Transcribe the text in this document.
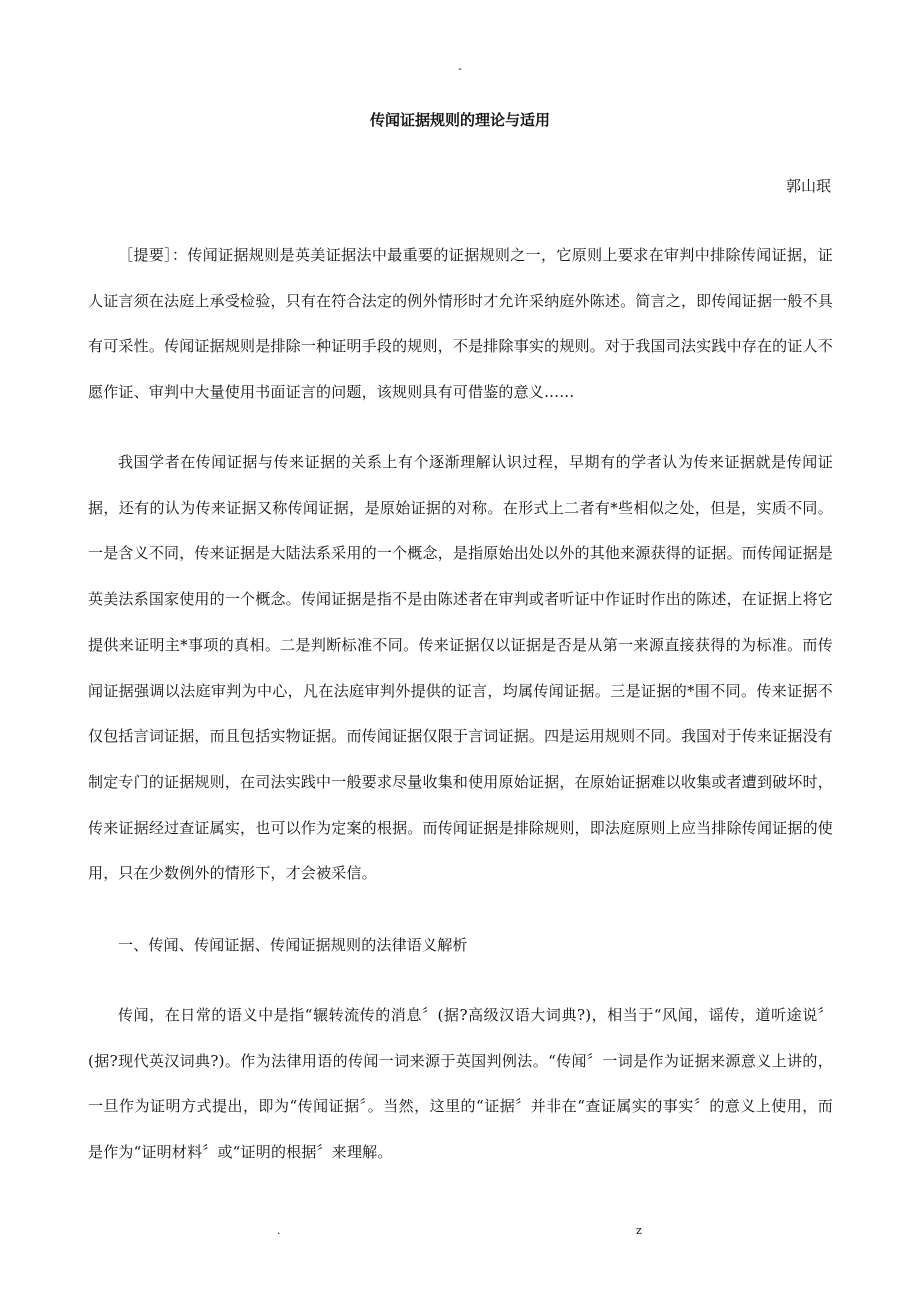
-
传闻证据规则的理论与适用
郭山珉

［提要］：传闻证据规则是英美证据法中最重要的证据规则之一，它原则上要求在审判中排除传闻证据，证人证言须在法庭上承受检验，只有在符合法定的例外情形时才允许采纳庭外陈述。简言之，即传闻证据一般不具有可采性。传闻证据规则是排除一种证明手段的规则，不是排除事实的规则。对于我国司法实践中存在的证人不愿作证、审判中大量使用书面证言的问题，该规则具有可借鉴的意义……

我国学者在传闻证据与传来证据的关系上有个逐渐理解认识过程，早期有的学者认为传来证据就是传闻证据，还有的认为传来证据又称传闻证据，是原始证据的对称。在形式上二者有*些相似之处，但是，实质不同。一是含义不同，传来证据是大陆法系采用的一个概念，是指原始出处以外的其他来源获得的证据。而传闻证据是英美法系国家使用的一个概念。传闻证据是指不是由陈述者在审判或者听证中作证时作出的陈述，在证据上将它提供来证明主*事项的真相。二是判断标准不同。传来证据仅以证据是否是从第一来源直接获得的为标准。而传闻证据强调以法庭审判为中心，凡在法庭审判外提供的证言，均属传闻证据。三是证据的*围不同。传来证据不仅包括言词证据，而且包括实物证据。而传闻证据仅限于言词证据。四是运用规则不同。我国对于传来证据没有制定专门的证据规则，在司法实践中一般要求尽量收集和使用原始证据，在原始证据难以收集或者遭到破坏时，传来证据经过查证属实，也可以作为定案的根据。而传闻证据是排除规则，即法庭原则上应当排除传闻证据的使用，只在少数例外的情形下，才会被采信。

一、传闻、传闻证据、传闻证据规则的法律语义解析

传闻，在日常的语义中是指“辗转流传的消息〞(据?高级汉语大词典?)，相当于“风闻，谣传，道听途说〞(据?现代英汉词典?)。作为法律用语的传闻一词来源于英国判例法。“传闻〞一词是作为证据来源意义上讲的，一旦作为证明方式提出，即为“传闻证据〞。当然，这里的“证据〞并非在“查证属实的事实〞的意义上使用，而是作为“证明材料〞或“证明的根据〞来理解。

.	z
